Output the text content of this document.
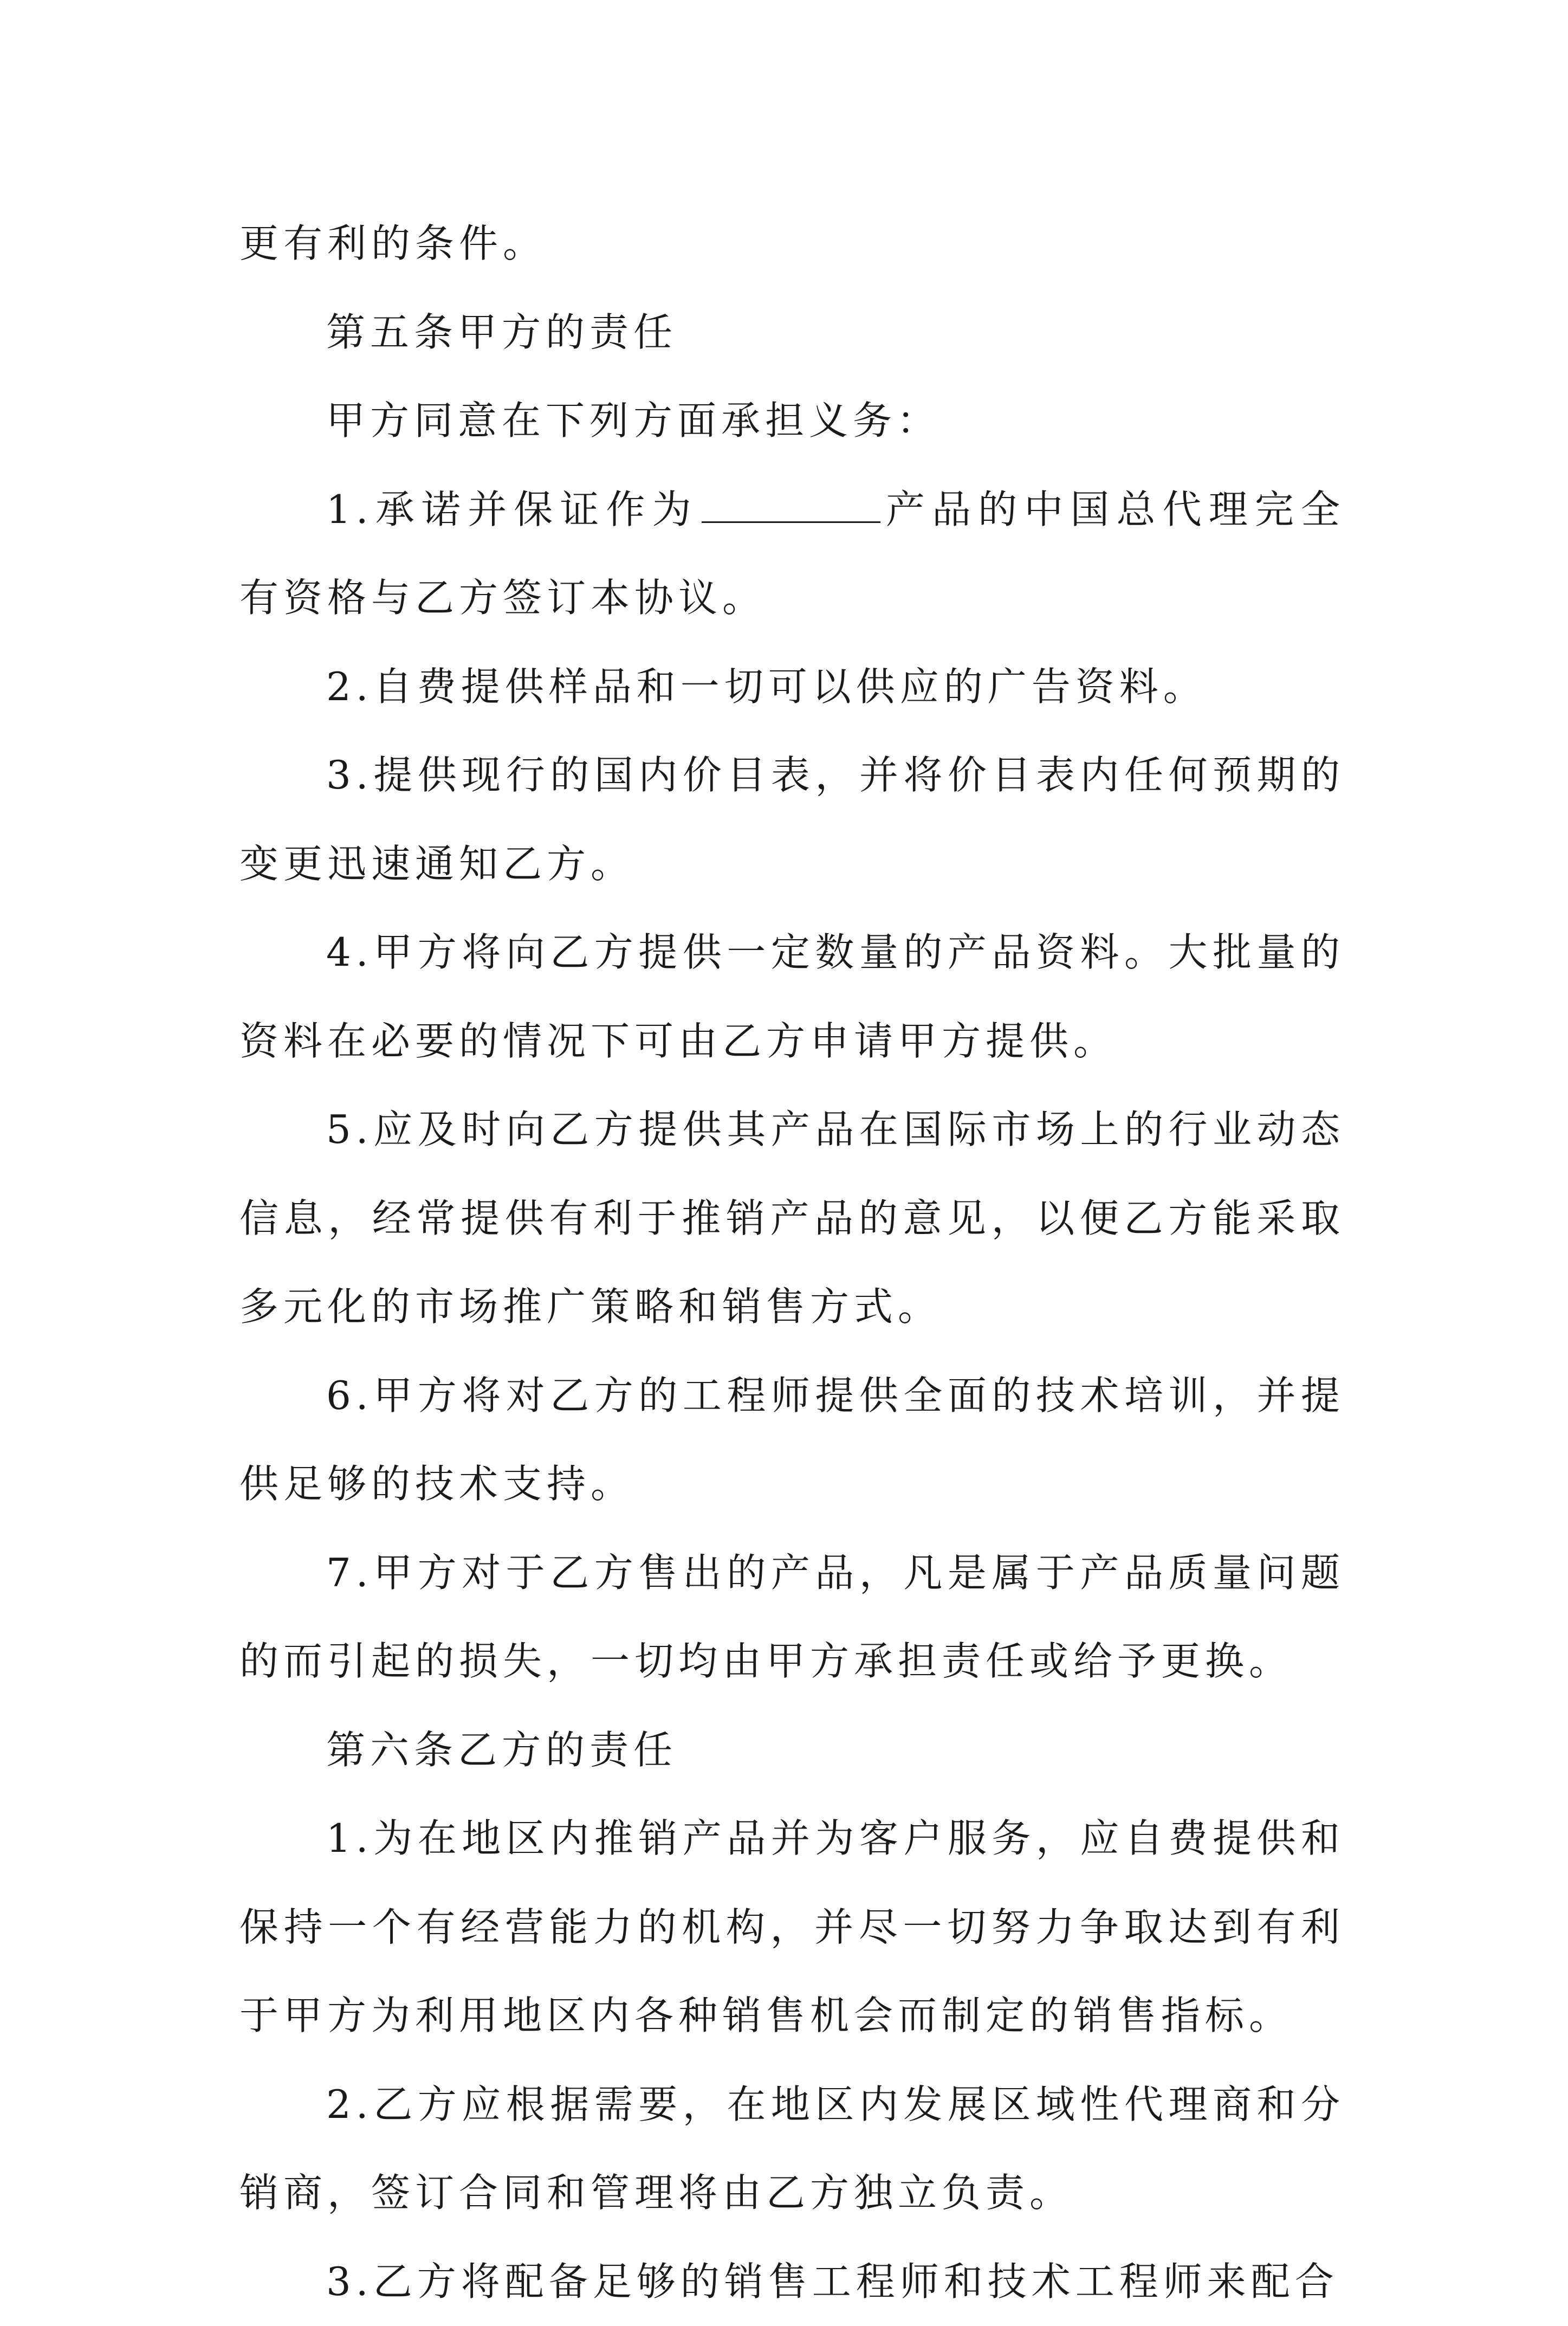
更有利的条件。

第五条甲方的责任

甲方同意在下列方面承担义务：

1.承诺并保证作为	产品的中国总代理完全有资格与乙方签订本协议。

2.自费提供样品和一切可以供应的广告资料。

3.提供现行的国内价目表，并将价目表内任何预期的变更迅速通知乙方。

4.甲方将向乙方提供一定数量的产品资料。大批量的资料在必要的情况下可由乙方申请甲方提供。

5.应及时向乙方提供其产品在国际市场上的行业动态信息，经常提供有利于推销产品的意见，以便乙方能采取多元化的市场推广策略和销售方式。

6.甲方将对乙方的工程师提供全面的技术培训，并提供足够的技术支持。

7.甲方对于乙方售出的产品，凡是属于产品质量问题的而引起的损失，一切均由甲方承担责任或给予更换。

第六条乙方的责任

1.为在地区内推销产品并为客户服务，应自费提供和保持一个有经营能力的机构，并尽一切努力争取达到有利于甲方为利用地区内各种销售机会而制定的销售指标。

2.乙方应根据需要，在地区内发展区域性代理商和分销商，签订合同和管理将由乙方独立负责。

3.乙方将配备足够的销售工程师和技术工程师来配合
